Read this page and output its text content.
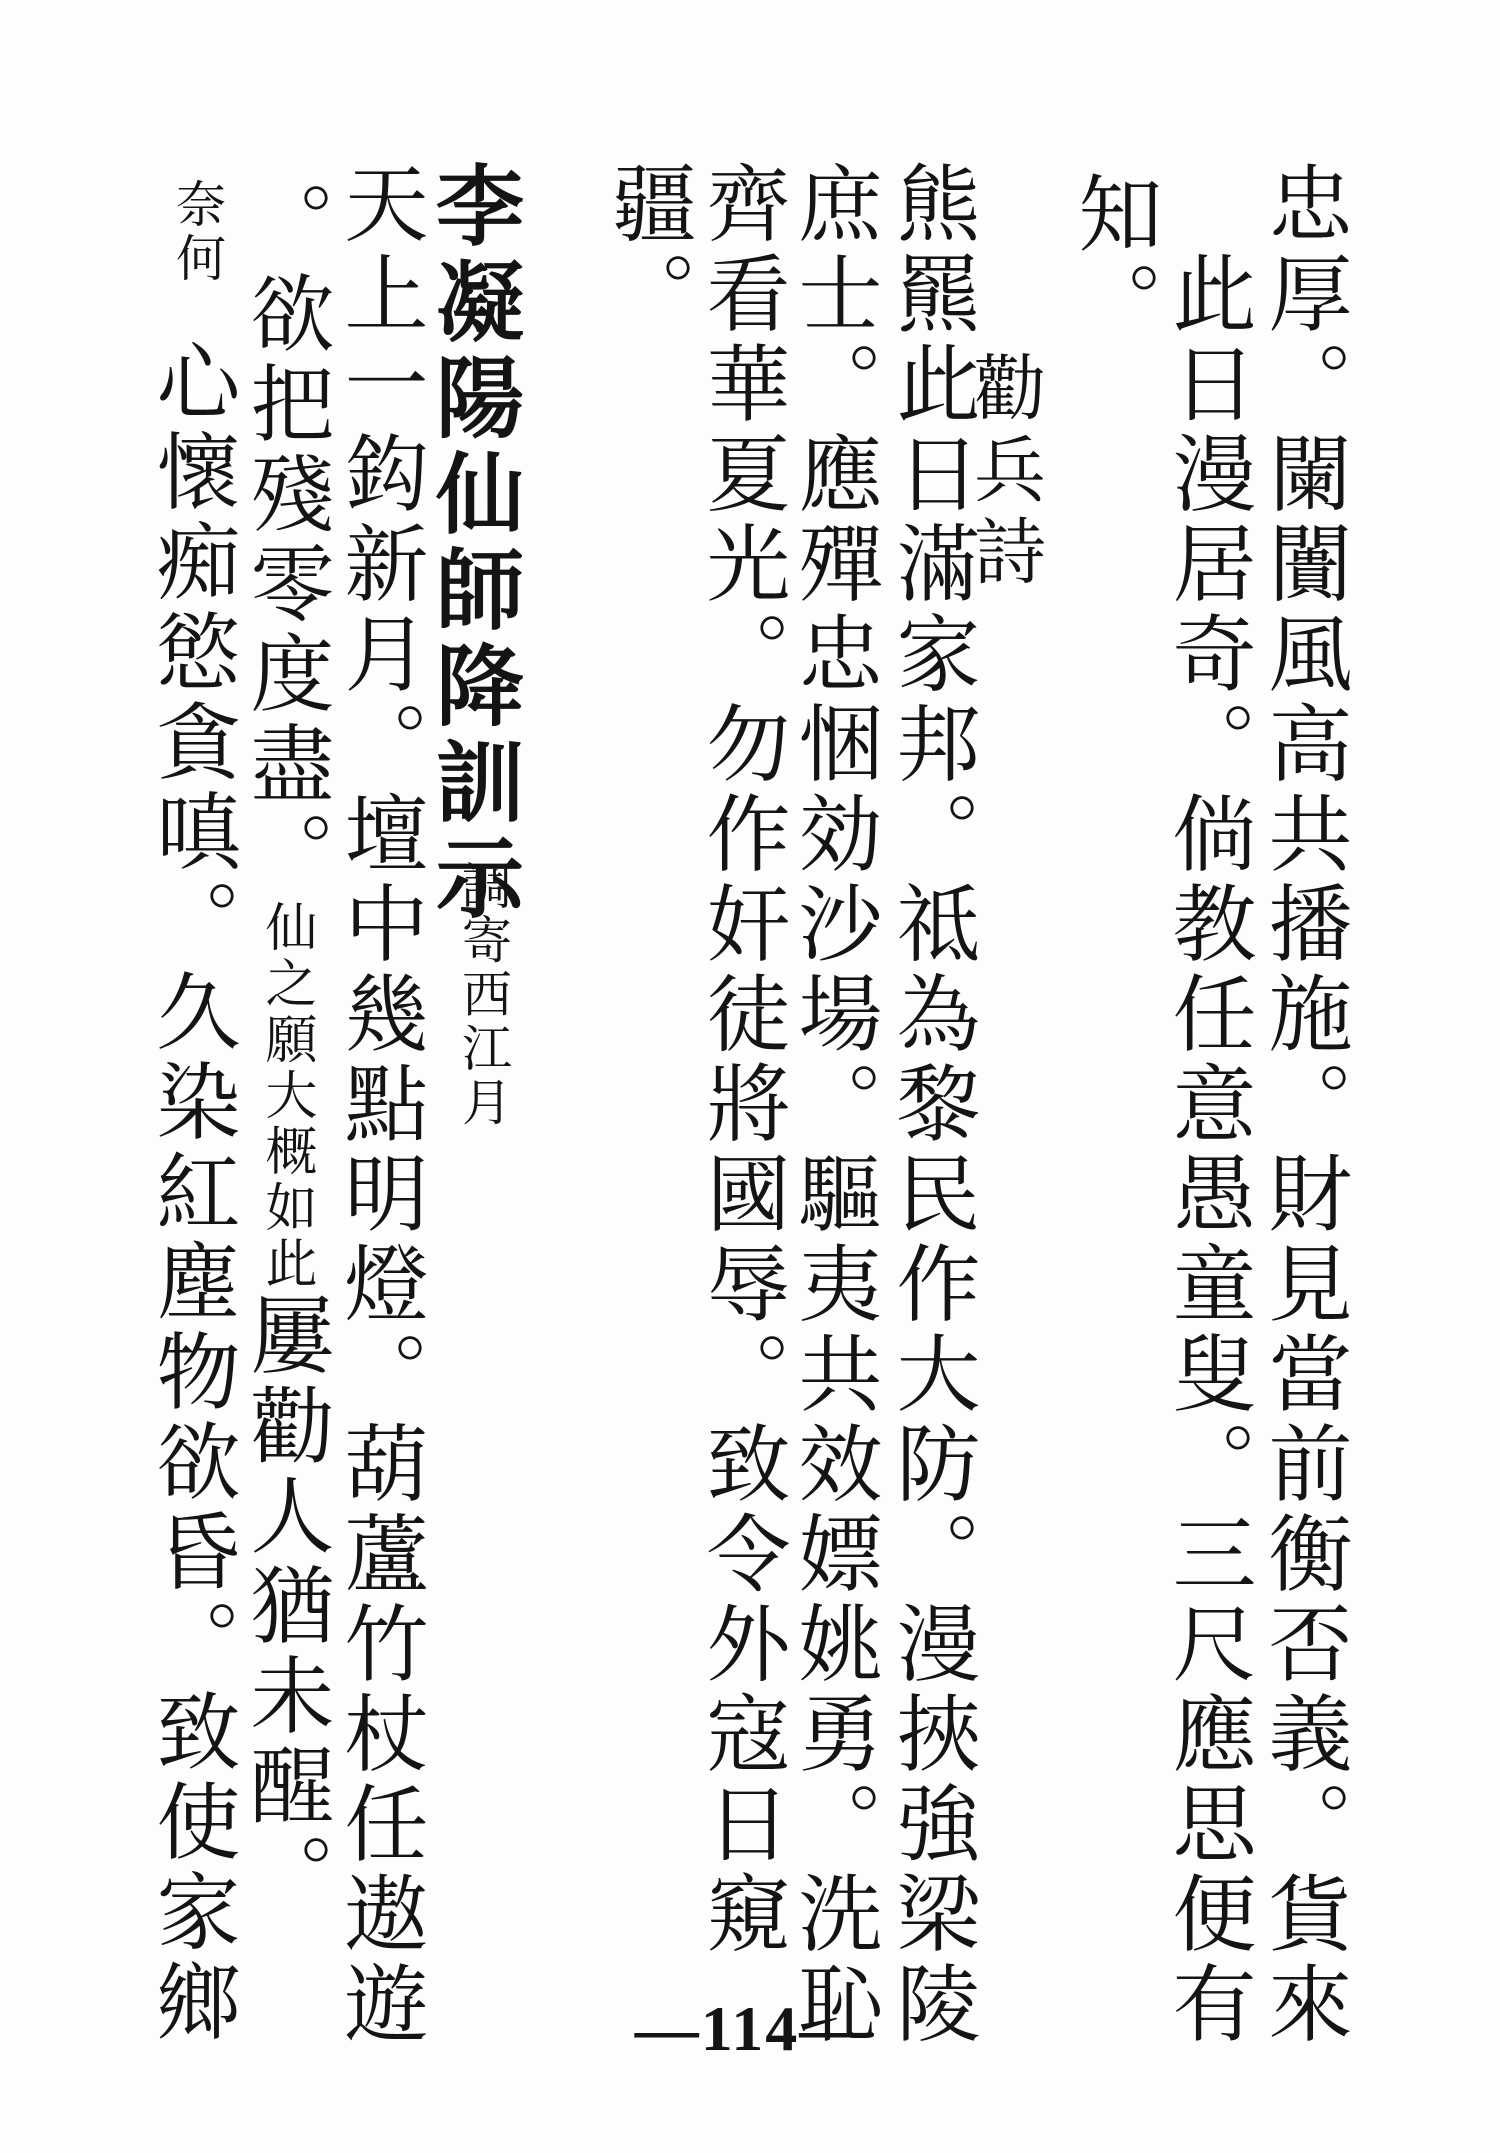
忠厚。闌闠風高共播施。財見當前衡否義。貨來
此日漫居奇。倘教任意愚童叟。三尺應思便有
知。
勸兵詩
熊羆此日滿家邦。祗為黎民作大防。漫挾強梁陵
庶士。應殫忠悃効沙場。驅夷共效嫖姚勇。洗恥
齊看華夏光。勿作奸徒將國辱。致令外寇日窺
疆。
李凝陽仙師降訓示
調寄西江月
天上一鈎新月。壇中幾點明燈。葫蘆竹杖任遨遊
。欲把殘零度盡。仙之願大概如此屢勸人猶未醒。
奈何
心懷痴慾貪嗔。久染紅塵物欲昏。致使家鄉	—114—
